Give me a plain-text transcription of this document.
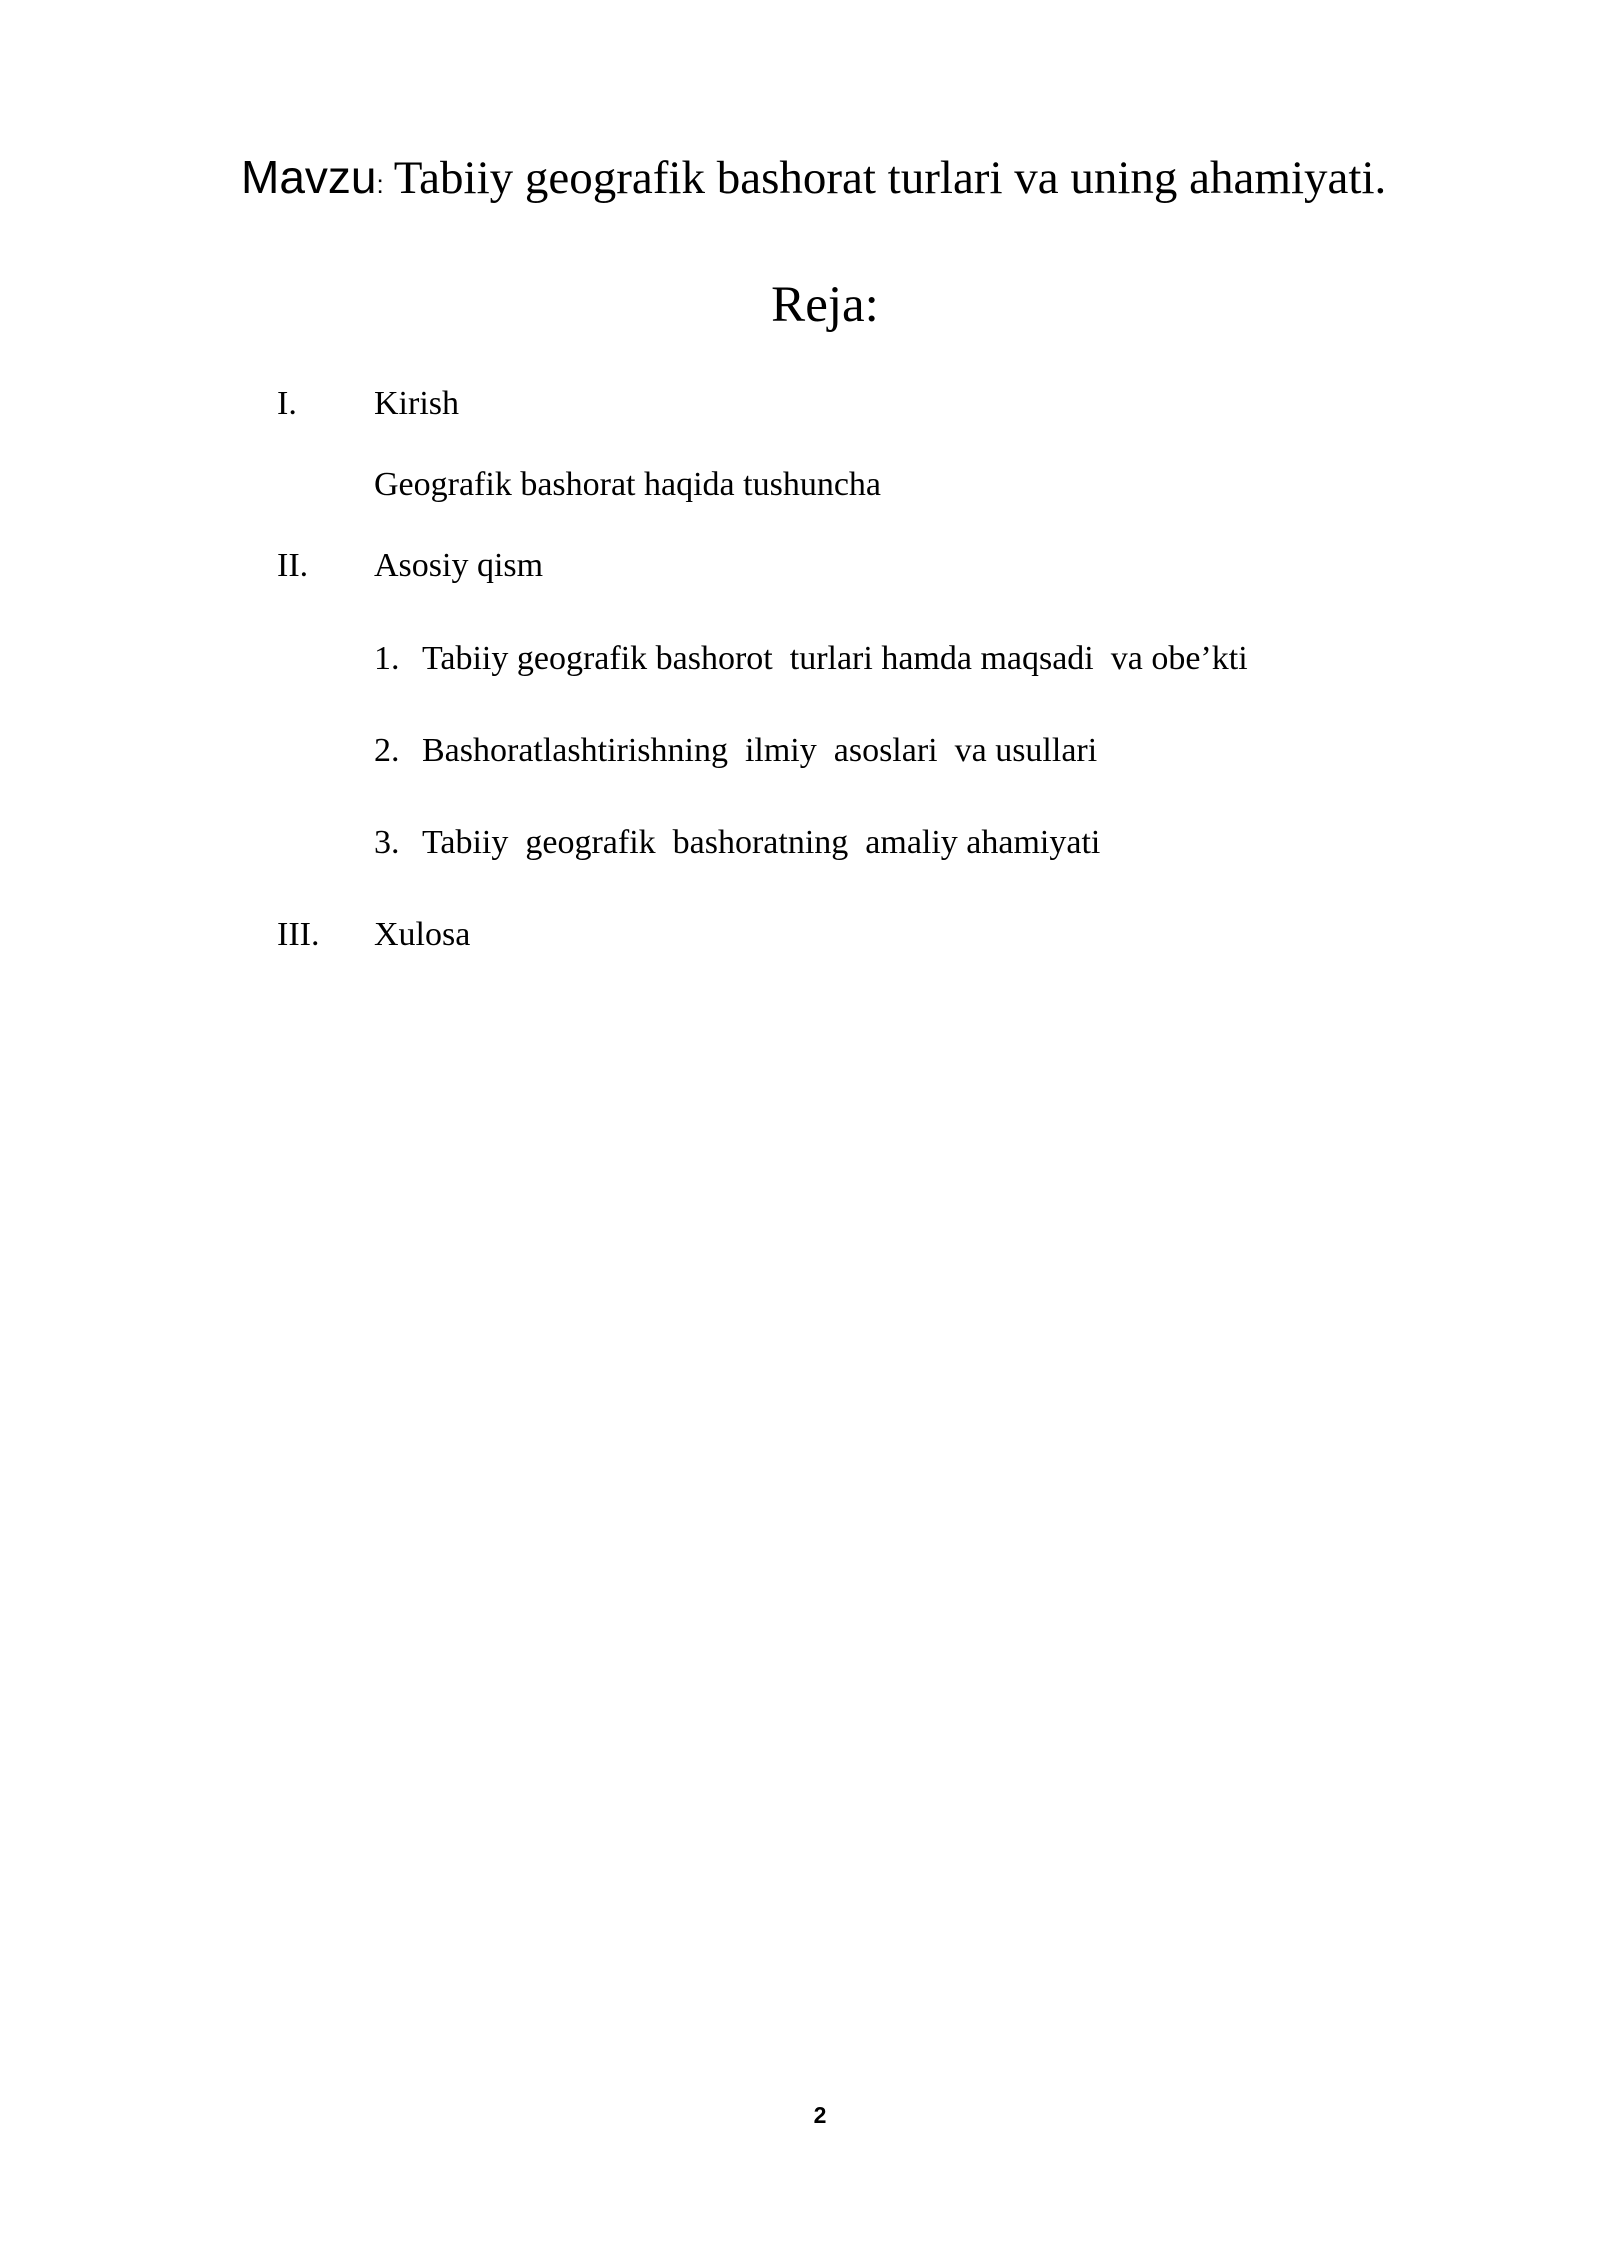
Mavzu: Tabiiy geografik bashorat turlari va uning ahamiyati.
Reja:
I. Kirish
Geografik bashorat haqida tushuncha
II. Asosiy qism
1. Tabiiy geografik bashorot  turlari hamda maqsadi  va obe’kti
2. Bashoratlashtirishning  ilmiy  asoslari  va usullari
3. Tabiiy  geografik  bashoratning  amaliy ahamiyati
III. Xulosa
2
